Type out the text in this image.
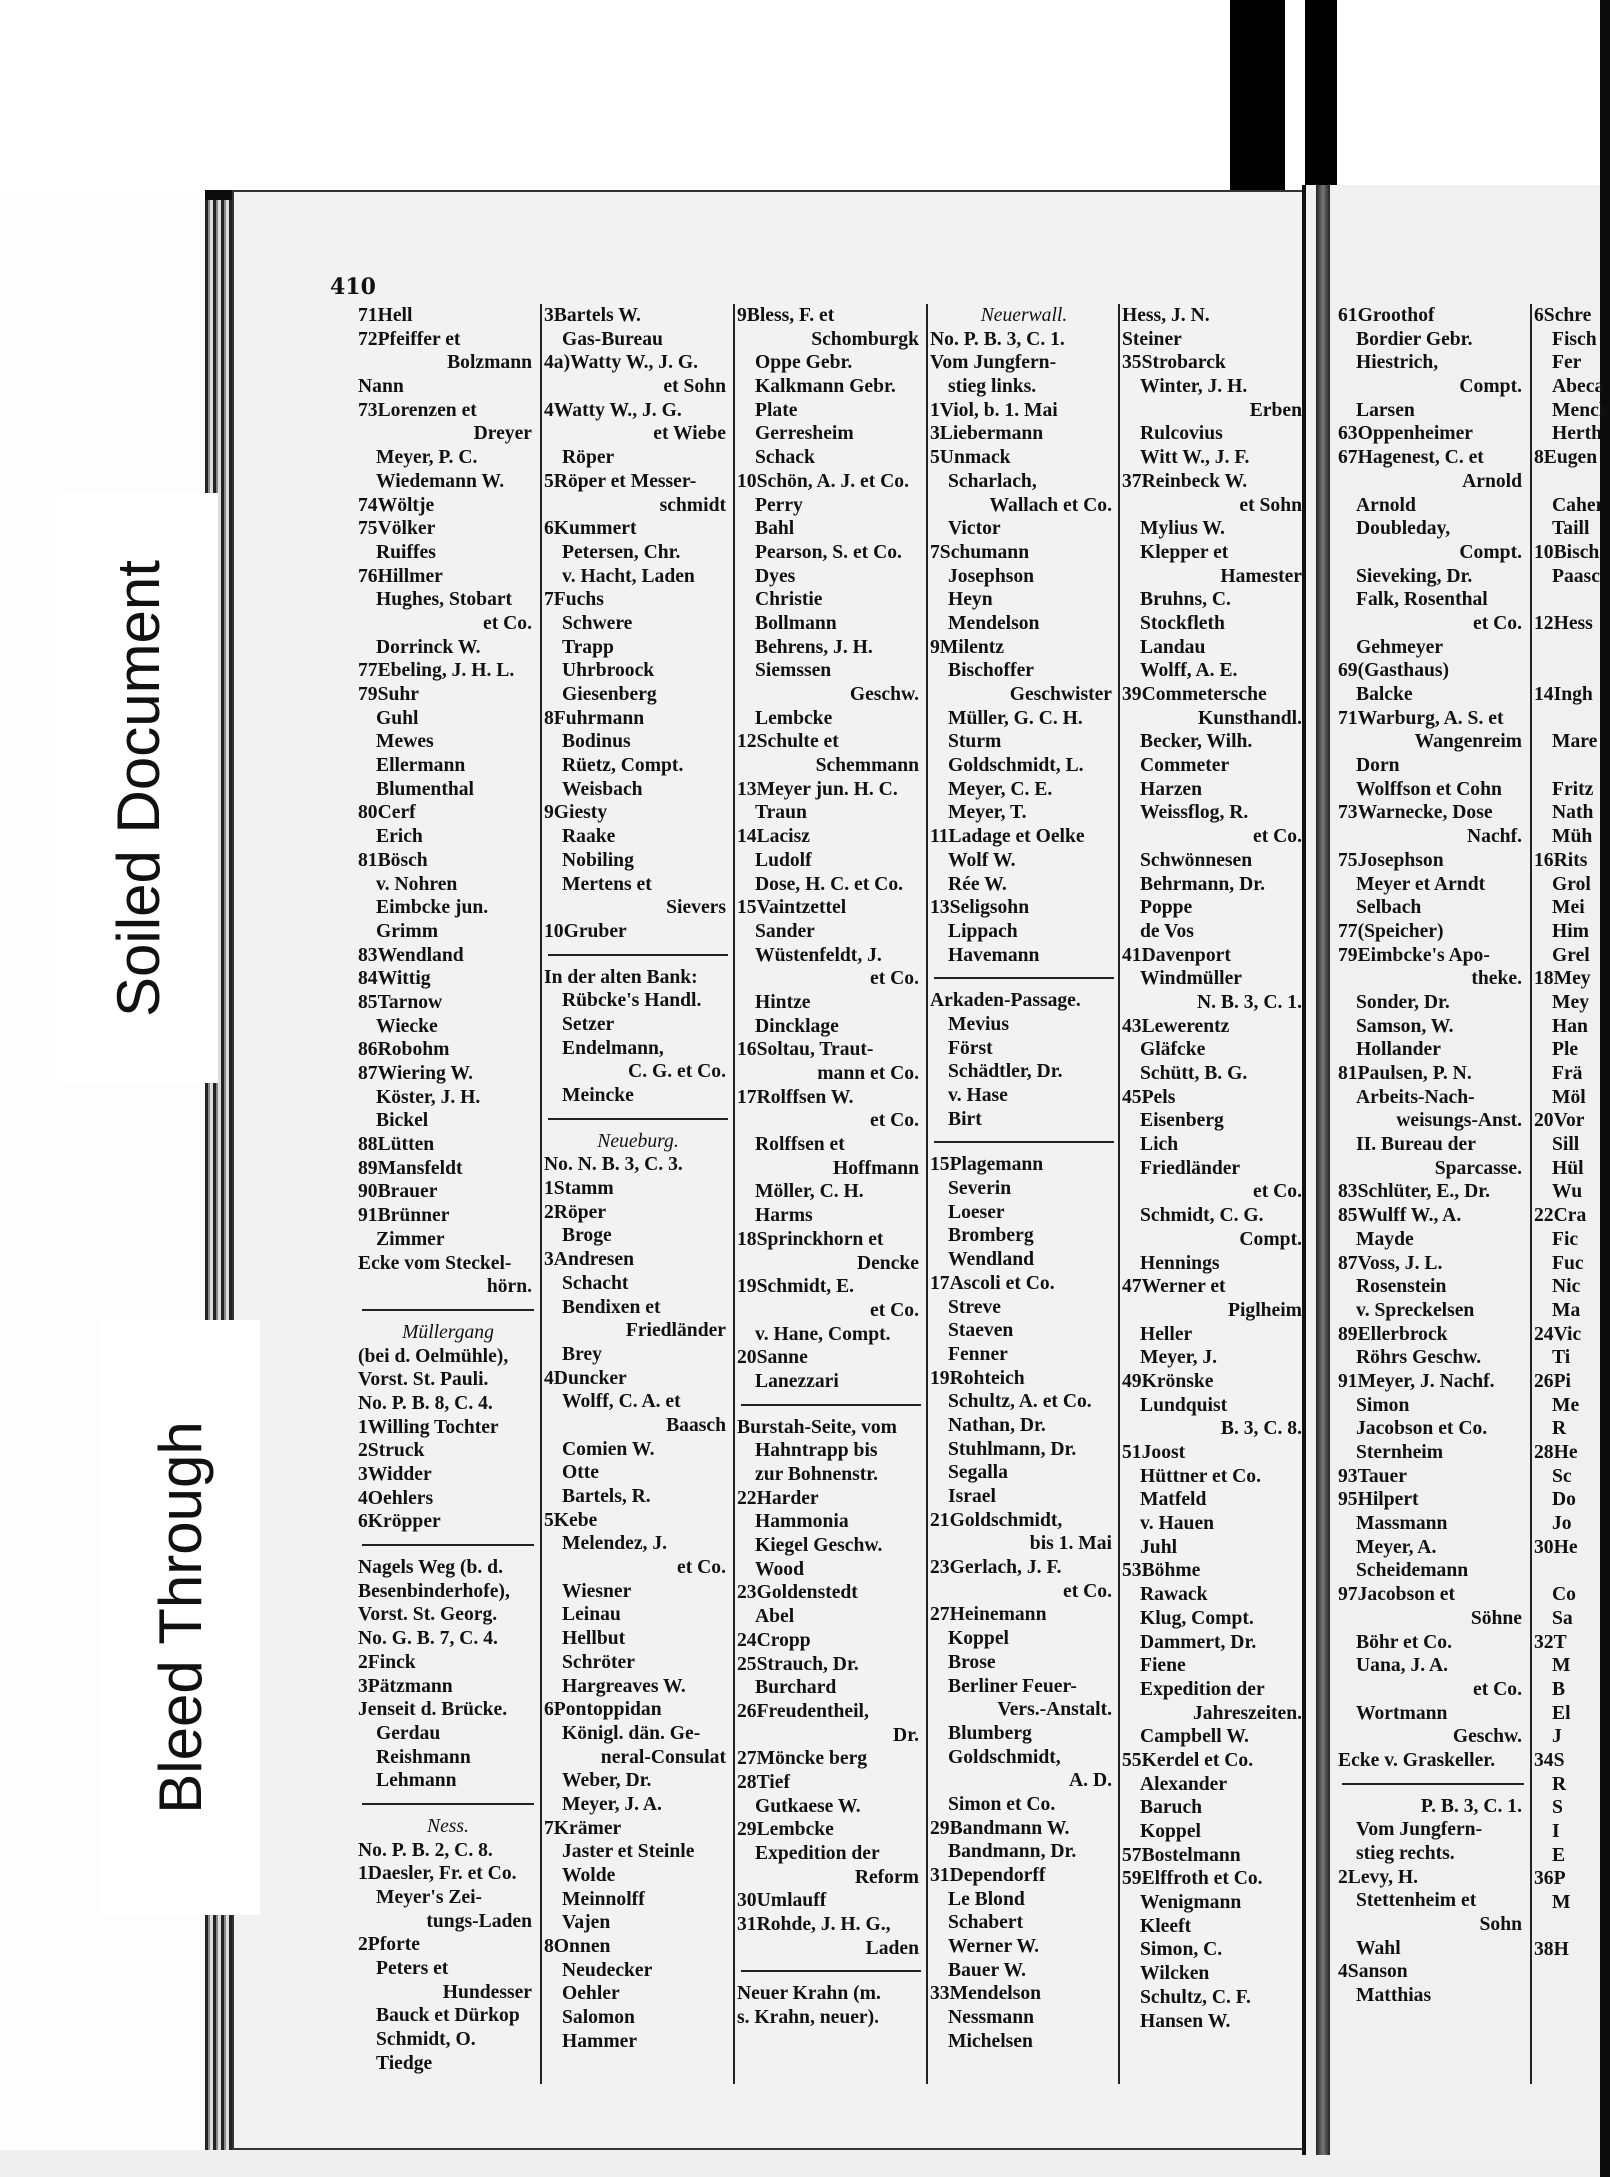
410
71Hell
72Pfeiffer et
Bolzmann
Nann
73Lorenzen et
Dreyer
Meyer, P. C.
Wiedemann W.
74Wöltje
75Völker
Ruiffes
76Hillmer
Hughes, Stobart
et Co.
Dorrinck W.
77Ebeling, J. H. L.
79Suhr
Guhl
Mewes
Ellermann
Blumenthal
80Cerf
Erich
81Bösch
v. Nohren
Eimbcke jun.
Grimm
83Wendland
84Wittig
85Tarnow
Wiecke
86Robohm
87Wiering W.
Köster, J. H.
Bickel
88Lütten
89Mansfeldt
90Brauer
91Brünner
Zimmer
Ecke vom Steckel-
hörn.
Müllergang
(bei d. Oelmühle),
Vorst. St. Pauli.
No. P. B. 8, C. 4.
1Willing Tochter
2Struck
3Widder
4Oehlers
6Kröpper
Nagels Weg (b. d.
Besenbinderhofe),
Vorst. St. Georg.
No. G. B. 7, C. 4.
2Finck
3Pätzmann
Jenseit d. Brücke.
Gerdau
Reishmann
Lehmann
Ness.
No. P. B. 2, C. 8.
1Daesler, Fr. et Co.
Meyer's Zei-
tungs-Laden
2Pforte
Peters et
Hundesser
Bauck et Dürkop
Schmidt, O.
Tiedge
3Bartels W.
Gas-Bureau
4a)Watty W., J. G.
et Sohn
4Watty W., J. G.
et Wiebe
Röper
5Röper et Messer-
schmidt
6Kummert
Petersen, Chr.
v. Hacht, Laden
7Fuchs
Schwere
Trapp
Uhrbroock
Giesenberg
8Fuhrmann
Bodinus
Rüetz, Compt.
Weisbach
9Giesty
Raake
Nobiling
Mertens et
Sievers
10Gruber
In der alten Bank:
Rübcke's Handl.
Setzer
Endelmann,
C. G. et Co.
Meincke
Neueburg.
No. N. B. 3, C. 3.
1Stamm
2Röper
Broge
3Andresen
Schacht
Bendixen et
Friedländer
Brey
4Duncker
Wolff, C. A. et
Baasch
Comien W.
Otte
Bartels, R.
5Kebe
Melendez, J.
et Co.
Wiesner
Leinau
Hellbut
Schröter
Hargreaves W.
6Pontoppidan
Königl. dän. Ge-
neral-Consulat
Weber, Dr.
Meyer, J. A.
7Krämer
Jaster et Steinle
Wolde
Meinnolff
Vajen
8Onnen
Neudecker
Oehler
Salomon
Hammer
9Bless, F. et
Schomburgk
Oppe Gebr.
Kalkmann Gebr.
Plate
Gerresheim
Schack
10Schön, A. J. et Co.
Perry
Bahl
Pearson, S. et Co.
Dyes
Christie
Bollmann
Behrens, J. H.
Siemssen
Geschw.
Lembcke
12Schulte et
Schemmann
13Meyer jun. H. C.
Traun
14Lacisz
Ludolf
Dose, H. C. et Co.
15Vaintzettel
Sander
Wüstenfeldt, J.
et Co.
Hintze
Dincklage
16Soltau, Traut-
mann et Co.
17Rolffsen W.
et Co.
Rolffsen et
Hoffmann
Möller, C. H.
Harms
18Sprinckhorn et
Dencke
19Schmidt, E.
et Co.
v. Hane, Compt.
20Sanne
Lanezzari
Burstah-Seite, vom
Hahntrapp bis
zur Bohnenstr.
22Harder
Hammonia
Kiegel Geschw.
Wood
23Goldenstedt
Abel
24Cropp
25Strauch, Dr.
Burchard
26Freudentheil,
Dr.
27Möncke berg
28Tief
Gutkaese W.
29Lembcke
Expedition der
Reform
30Umlauff
31Rohde, J. H. G.,
Laden
Neuer Krahn (m.
s. Krahn, neuer).
Neuerwall.
No. P. B. 3, C. 1.
Vom Jungfern-
stieg links.
1Viol, b. 1. Mai
3Liebermann
5Unmack
Scharlach,
Wallach et Co.
Victor
7Schumann
Josephson
Heyn
Mendelson
9Milentz
Bischoffer
Geschwister
Müller, G. C. H.
Sturm
Goldschmidt, L.
Meyer, C. E.
Meyer, T.
11Ladage et Oelke
Wolf W.
Rée W.
13Seligsohn
Lippach
Havemann
Arkaden-Passage.
Mevius
Först
Schädtler, Dr.
v. Hase
Birt
15Plagemann
Severin
Loeser
Bromberg
Wendland
17Ascoli et Co.
Streve
Staeven
Fenner
19Rohteich
Schultz, A. et Co.
Nathan, Dr.
Stuhlmann, Dr.
Segalla
Israel
21Goldschmidt,
bis 1. Mai
23Gerlach, J. F.
et Co.
27Heinemann
Koppel
Brose
Berliner Feuer-
Vers.-Anstalt.
Blumberg
Goldschmidt,
A. D.
Simon et Co.
29Bandmann W.
Bandmann, Dr.
31Dependorff
Le Blond
Schabert
Werner W.
Bauer W.
33Mendelson
Nessmann
Michelsen
Hess, J. N.
Steiner
35Strobarck
Winter, J. H.
Erben
Rulcovius
Witt W., J. F.
37Reinbeck W.
et Sohn
Mylius W.
Klepper et
Hamester
Bruhns, C.
Stockfleth
Landau
Wolff, A. E.
39Commetersche
Kunsthandl.
Becker, Wilh.
Commeter
Harzen
Weissflog, R.
et Co.
Schwönnesen
Behrmann, Dr.
Poppe
de Vos
41Davenport
Windmüller
N. B. 3, C. 1.
43Lewerentz
Gläfcke
Schütt, B. G.
45Pels
Eisenberg
Lich
Friedländer
et Co.
Schmidt, C. G.
Compt.
Hennings
47Werner et
Piglheim
Heller
Meyer, J.
49Krönske
Lundquist
B. 3, C. 8.
51Joost
Hüttner et Co.
Matfeld
v. Hauen
Juhl
53Böhme
Rawack
Klug, Compt.
Dammert, Dr.
Fiene
Expedition der
Jahreszeiten.
Campbell W.
55Kerdel et Co.
Alexander
Baruch
Koppel
57Bostelmann
59Elffroth et Co.
Wenigmann
Kleeft
Simon, C.
Wilcken
Schultz, C. F.
Hansen W.
61Groothof
Bordier Gebr.
Hiestrich,
Compt.
Larsen
63Oppenheimer
67Hagenest, C. et
Arnold
Arnold
Doubleday,
Compt.
Sieveking, Dr.
Falk, Rosenthal
et Co.
Gehmeyer
69(Gasthaus)
Balcke
71Warburg, A. S. et
Wangenreim
Dorn
Wolffson et Cohn
73Warnecke, Dose
Nachf.
75Josephson
Meyer et Arndt
Selbach
77(Speicher)
79Eimbcke's Apo-
theke.
Sonder, Dr.
Samson, W.
Hollander
81Paulsen, P. N.
Arbeits-Nach-
weisungs-Anst.
II. Bureau der
Sparcasse.
83Schlüter, E., Dr.
85Wulff W., A.
Mayde
87Voss, J. L.
Rosenstein
v. Spreckelsen
89Ellerbrock
Röhrs Geschw.
91Meyer, J. Nachf.
Simon
Jacobson et Co.
Sternheim
93Tauer
95Hilpert
Massmann
Meyer, A.
Scheidemann
97Jacobson et
Söhne
Böhr et Co.
Uana, J. A.
et Co.
Wortmann
Geschw.
Ecke v. Graskeller.
P. B. 3, C. 1.
Vom Jungfern-
stieg rechts.
2Levy, H.
Stettenheim et
Sohn
Wahl
4Sanson
Matthias
6Schre
Fisch
Fer
Abeca
Menck
Herth
8Eugen
Caher
Taill
10Bisch
Paasc
12Hess
14Ingh
Mare
Fritz
Nath
Müh
16Rits
Grol
Mei
Him
Grel
18Mey
Mey
Han
Ple
Frä
Möl
20Vor
Sill
Hül
Wu
22Cra
Fic
Fuc
Nic
Ma
24Vic
Ti
26Pi
Me
R
28He
Sc
Do
Jo
30He
Co
Sa
32T
M
B
El
J
34S
R
S
I
E
36P
M
38H
Soiled Document
Bleed Through
